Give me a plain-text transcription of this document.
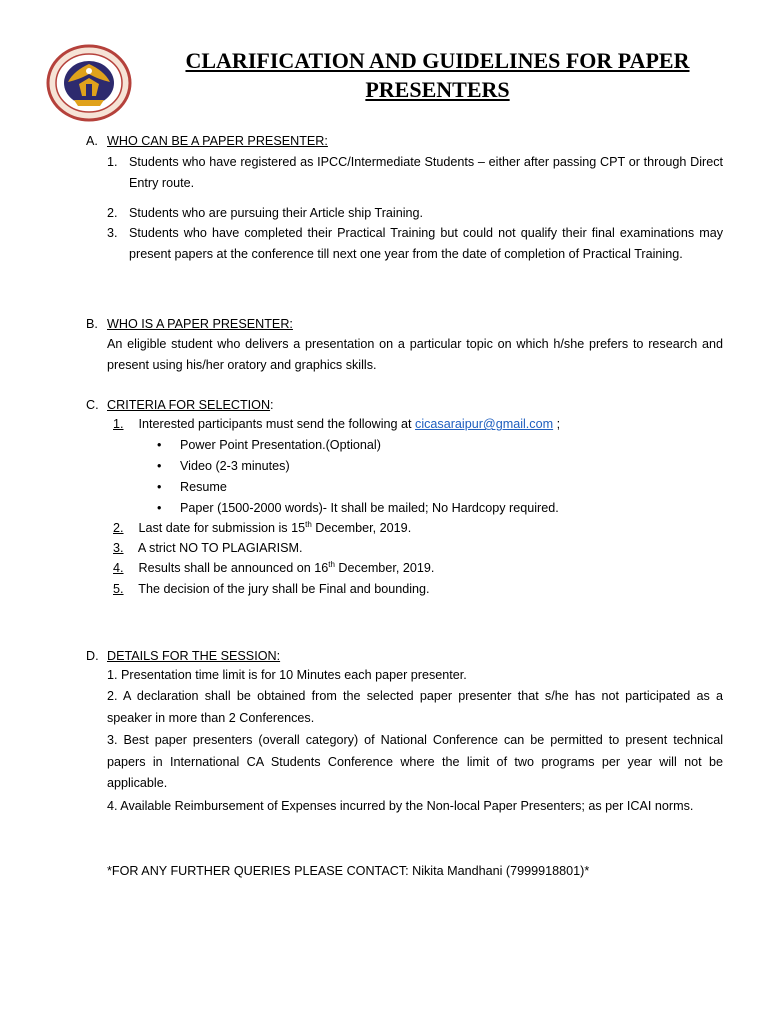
CLARIFICATION AND GUIDELINES FOR PAPER
PRESENTERS
A. WHO CAN BE A PAPER PRESENTER:
1. Students who have registered as IPCC/Intermediate Students – either after passing CPT or through Direct Entry route.
2. Students who are pursuing their Article ship Training.
3. Students who have completed their Practical Training but could not qualify their final examinations may present papers at the conference till next one year from the date of completion of Practical Training.
B. WHO IS A PAPER PRESENTER:
An eligible student who delivers a presentation on a particular topic on which h/she prefers to research and present using his/her oratory and graphics skills.
C. CRITERIA FOR SELECTION:
1. Interested participants must send the following at cicasaraipur@gmail.com ;
• Power Point Presentation.(Optional)
• Video (2-3 minutes)
• Resume
• Paper (1500-2000 words)- It shall be mailed; No Hardcopy required.
2. Last date for submission is 15th December, 2019.
3. A strict NO TO PLAGIARISM.
4. Results shall be announced on 16th December, 2019.
5. The decision of the jury shall be Final and bounding.
D. DETAILS FOR THE SESSION:
1. Presentation time limit is for 10 Minutes each paper presenter.
2. A declaration shall be obtained from the selected paper presenter that s/he has not participated as a speaker in more than 2 Conferences.
3. Best paper presenters (overall category) of National Conference can be permitted to present technical papers in International CA Students Conference where the limit of two programs per year will not be applicable.
4. Available Reimbursement of Expenses incurred by the Non-local Paper Presenters; as per ICAI norms.
*FOR ANY FURTHER QUERIES PLEASE CONTACT: Nikita Mandhani (7999918801)*
